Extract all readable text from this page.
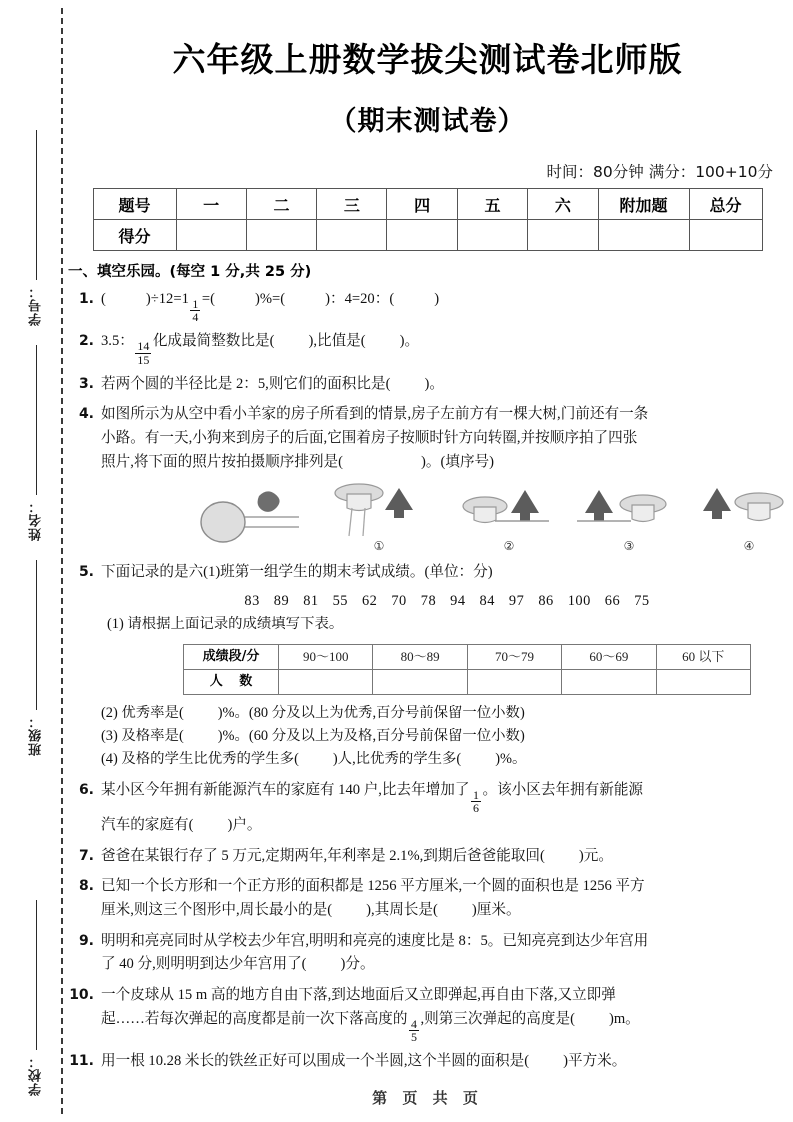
学号：
姓名：
班级：
学校：
六年级上册数学拔尖测试卷北师版
（期末测试卷）
时间：80分钟 满分：100+10分
题号	一	二	三	四	五	六	附加题	总分
得分								
一、填空乐园。(每空 1 分,共 25 分)
1. (  )	$\div 12=1 \frac{1}{4}$ = (  )	%= (  )	：4=20：(  )

2. 3.5： $\frac{14}{15}$ 化成最简整数比是 (  )	,比值是 (  )	。

3. 若两个圆的半径比是 2：5,则它们的面积比是 (  )	。

4. 如图所示为从空中看小羊家的房子所看到的情景,房子左前方有一棵大树,门前还有一条

小路。有一天,小狗来到房子的后面,它围着房子按顺时针方向转圈,并按顺序拍了四张

照片,将下面的照片按拍摄顺序排列是 (  )	。(填序号)

①	②	③	④
5. 下面记录的是六(1)班第一组学生的期末考试成绩。(单位：分)

83 89 81 55 62 70 78 94 84 97 86 100 66 75

(1) 请根据上面记录的成绩填写下表。

成绩段/分	90～100	80～89	70～79	60～69	60 以下
人 数					

(2) 优秀率是 (  )	%。(80 分及以上为优秀,百分号前保留一位小数)

(3) 及格率是 (  )	%。(60 分及以上为及格,百分号前保留一位小数)

(4) 及格的学生比优秀的学生多 (  )	人,比优秀的学生多 (  )	%。

6. 某小区今年拥有新能源汽车的家庭有 140 户,比去年增加了 $\frac{1}{6}$ 。该小区去年拥有新能源

汽车的家庭有 (  )	户。

7. 爸爸在某银行存了 5 万元,定期两年,年利率是 2.1%,到期后爸爸能取回 (  )	元。

8. 已知一个长方形和一个正方形的面积都是 1256 平方厘米,一个圆的面积也是 1256 平方

厘米,则这三个图形中,周长最小的是 (  )	,其周长是 (  )	厘米。

9. 明明和亮亮同时从学校去少年宫,明明和亮亮的速度比是 8：5。已知亮亮到达少年宫用

了 40 分,则明明到达少年宫用了 (  )	分。

10. 一个皮球从 15 m 高的地方自由下落,到达地面后又立即弹起,再自由下落,又立即弹

起……若每次弹起的高度都是前一次下落高度的 $\frac{4}{5}$ ,则第三次弹起的高度是 (  )	m。

11. 用一根 10.28 米长的铁丝正好可以围成一个半圆,这个半圆的面积是 (  )	平方米。

第 页 共 页
